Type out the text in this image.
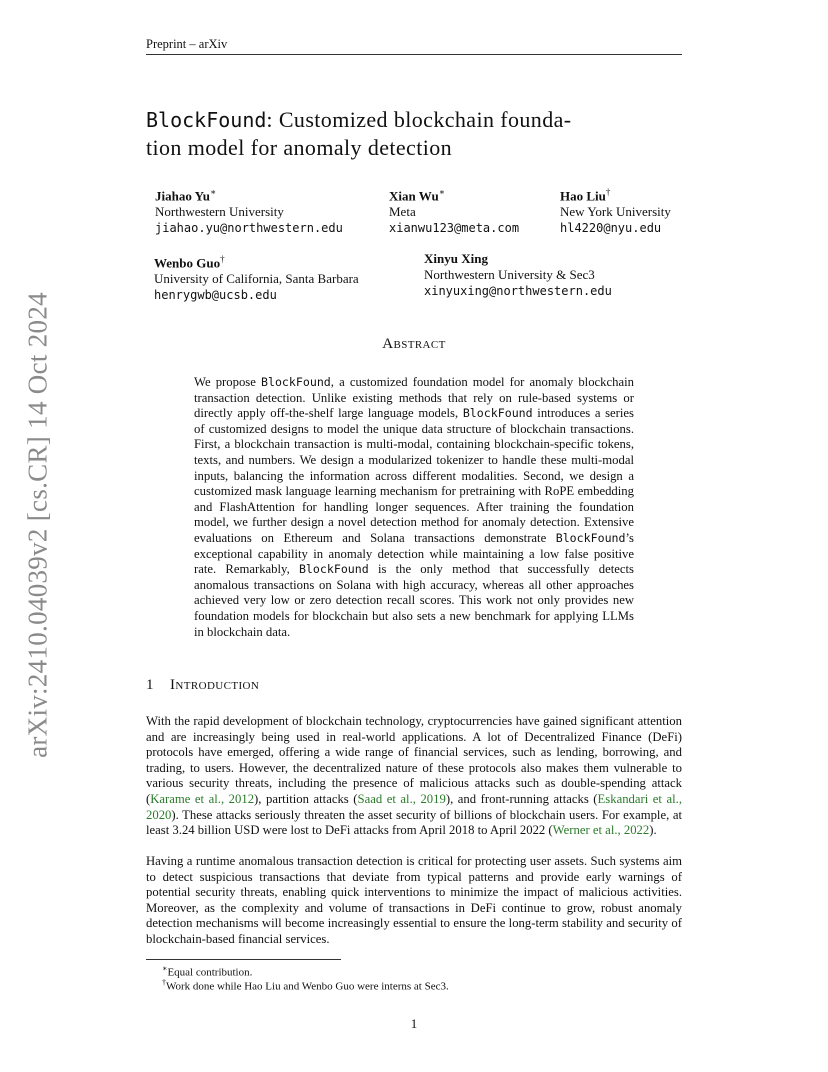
Preprint – arXiv
arXiv:2410.04039v2 [cs.CR] 14 Oct 2024
BlockFound: Customized blockchain founda-
tion model for anomaly detection
Jiahao Yu∗
Northwestern University
jiahao.yu@northwestern.edu
Xian Wu∗
Meta
xianwu123@meta.com
Hao Liu†
New York University
hl4220@nyu.edu
Wenbo Guo†
University of California, Santa Barbara
henrygwb@ucsb.edu
Xinyu Xing
Northwestern University & Sec3
xinyuxing@northwestern.edu
Abstract
We propose BlockFound, a customized foundation model for anomaly blockchain transaction detection. Unlike existing methods that rely on rule-based systems or directly apply off-the-shelf large language models, BlockFound introduces a series of customized designs to model the unique data structure of blockchain transactions. First, a blockchain transaction is multi-modal, containing blockchain-specific tokens, texts, and numbers. We design a modularized tokenizer to handle these multi-modal inputs, balancing the information across different modalities. Second, we design a customized mask language learning mechanism for pretraining with RoPE embedding and FlashAttention for handling longer sequences. After training the foundation model, we further design a novel detection method for anomaly detection. Extensive evaluations on Ethereum and Solana transactions demonstrate BlockFound’s exceptional capability in anomaly detection while maintaining a low false positive rate. Remarkably, BlockFound is the only method that successfully detects anomalous transactions on Solana with high accuracy, whereas all other approaches achieved very low or zero detection recall scores. This work not only provides new foundation models for blockchain but also sets a new benchmark for applying LLMs in blockchain data.
1 Introduction
With the rapid development of blockchain technology, cryptocurrencies have gained significant attention and are increasingly being used in real-world applications. A lot of Decentralized Finance (DeFi) protocols have emerged, offering a wide range of financial services, such as lending, borrowing, and trading, to users. However, the decentralized nature of these protocols also makes them vulnerable to various security threats, including the presence of malicious attacks such as double-spending attack (Karame et al., 2012), partition attacks (Saad et al., 2019), and front-running attacks (Eskandari et al., 2020). These attacks seriously threaten the asset security of billions of blockchain users. For example, at least 3.24 billion USD were lost to DeFi attacks from April 2018 to April 2022 (Werner et al., 2022).
Having a runtime anomalous transaction detection is critical for protecting user assets. Such systems aim to detect suspicious transactions that deviate from typical patterns and provide early warnings of potential security threats, enabling quick interventions to minimize the impact of malicious activities. Moreover, as the complexity and volume of transactions in DeFi continue to grow, robust anomaly detection mechanisms will become increasingly essential to ensure the long-term stability and security of blockchain-based financial services.
∗Equal contribution.
†Work done while Hao Liu and Wenbo Guo were interns at Sec3.
1
